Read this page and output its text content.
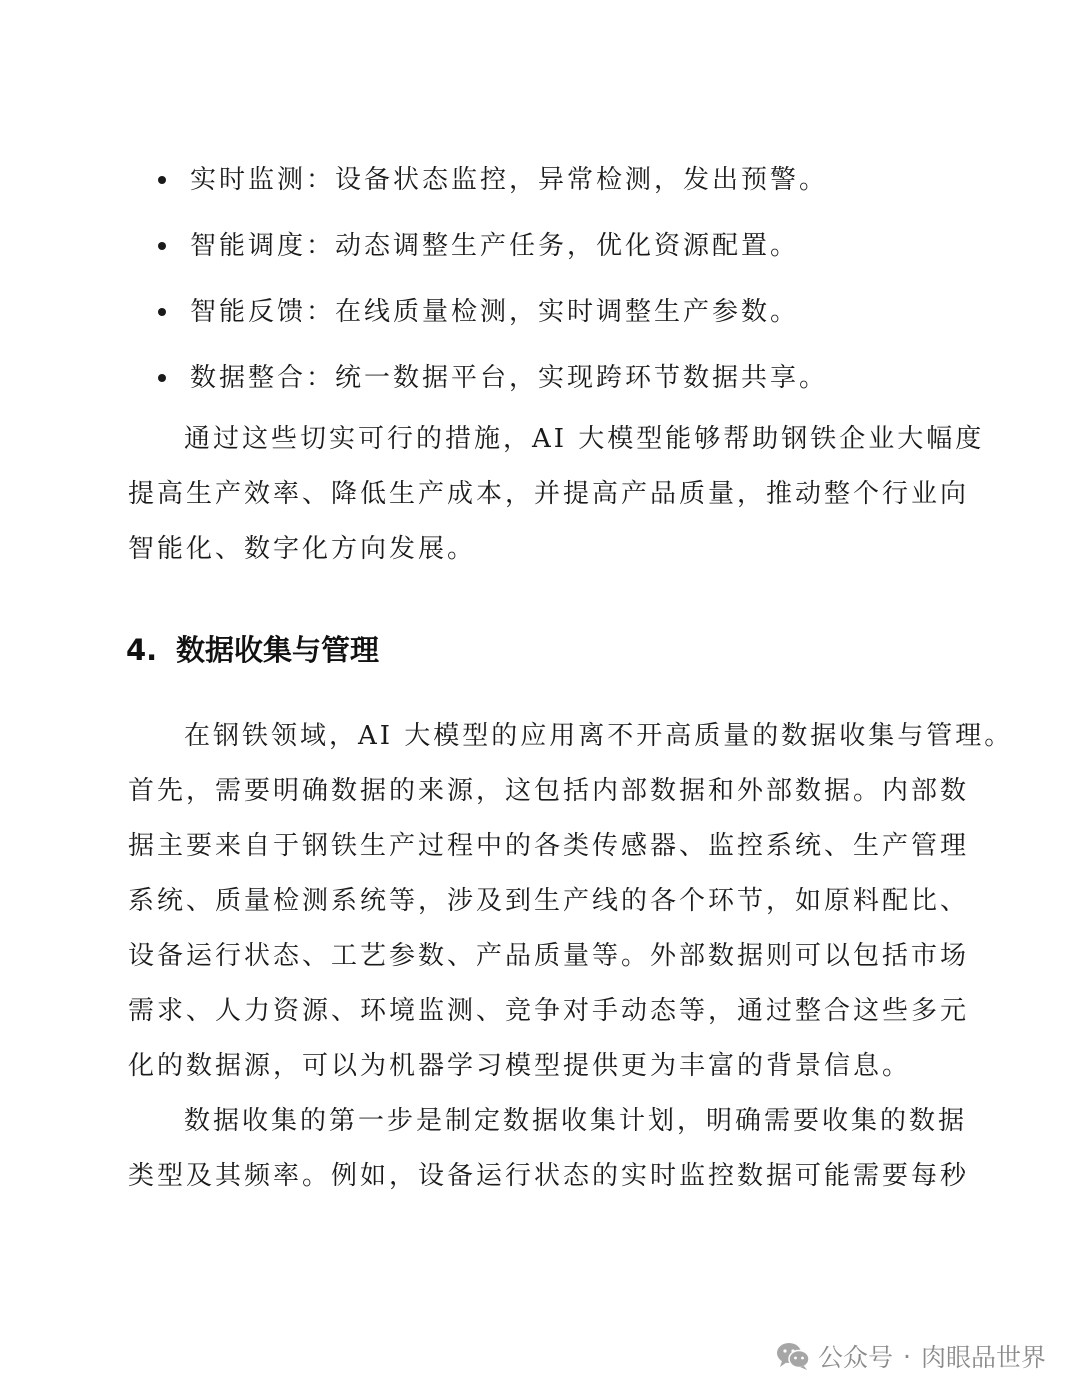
实时监测：设备状态监控，异常检测，发出预警。
智能调度：动态调整生产任务，优化资源配置。
智能反馈：在线质量检测，实时调整生产参数。
数据整合：统一数据平台，实现跨环节数据共享。

通过这些切实可行的措施，AI 大模型能够帮助钢铁企业大幅度
提高生产效率、降低生产成本，并提高产品质量，推动整个行业向
智能化、数字化方向发展。

4. 数据收集与管理

在钢铁领域，AI 大模型的应用离不开高质量的数据收集与管理。
首先，需要明确数据的来源，这包括内部数据和外部数据。内部数
据主要来自于钢铁生产过程中的各类传感器、监控系统、生产管理
系统、质量检测系统等，涉及到生产线的各个环节，如原料配比、
设备运行状态、工艺参数、产品质量等。外部数据则可以包括市场
需求、人力资源、环境监测、竞争对手动态等，通过整合这些多元
化的数据源，可以为机器学习模型提供更为丰富的背景信息。

数据收集的第一步是制定数据收集计划，明确需要收集的数据
类型及其频率。例如，设备运行状态的实时监控数据可能需要每秒

公众号 · 肉眼品世界
